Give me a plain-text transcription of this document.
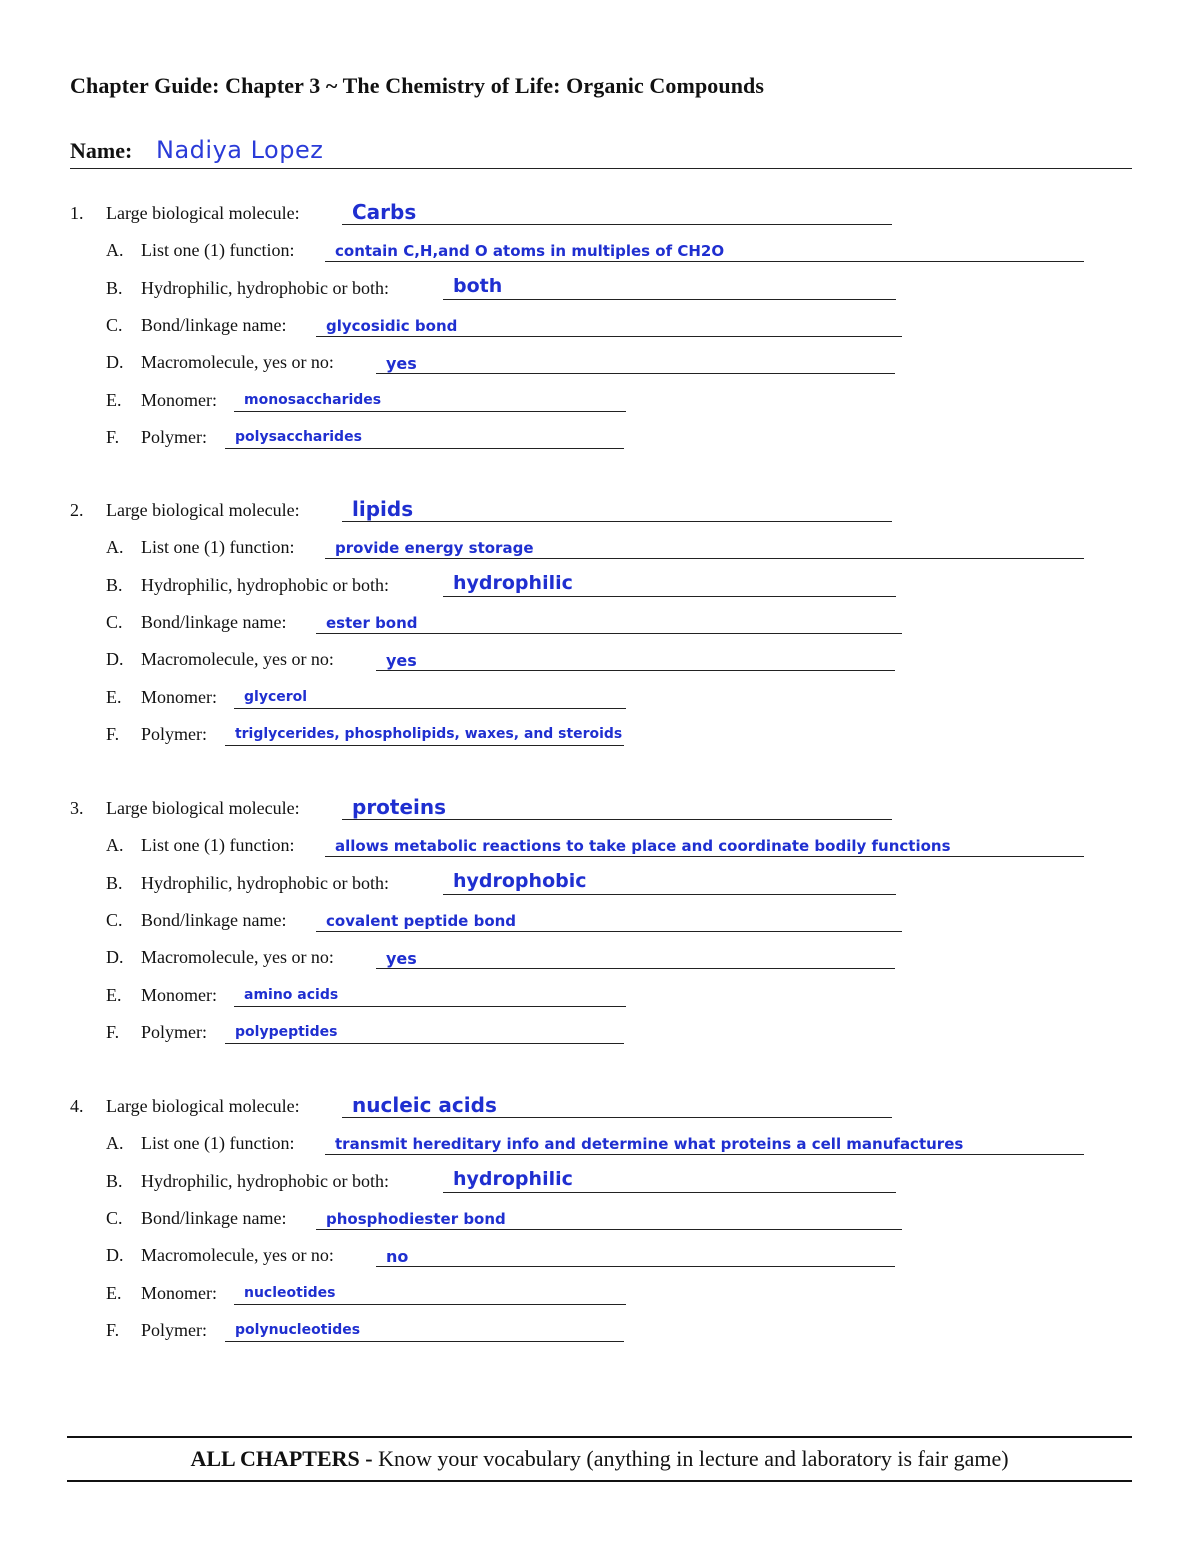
Chapter Guide: Chapter 3 ~ The Chemistry of Life: Organic Compounds
Name: Nadiya Lopez
1. Large biological molecule:	Carbs
A. List one (1) function:	contain C,H,and O atoms in multiples of CH2O
B. Hydrophilic, hydrophobic or both:	both
C. Bond/linkage name:	glycosidic bond
D. Macromolecule, yes or no:	yes
E. Monomer: monosaccharides
F. Polymer: polysaccharides
2. Large biological molecule:	lipids
A. List one (1) function:	provide energy storage
B. Hydrophilic, hydrophobic or both:	hydrophilic
C. Bond/linkage name:	ester bond
D. Macromolecule, yes or no:	yes
E. Monomer: glycerol
F. Polymer: triglycerides, phospholipids, waxes, and steroids
3. Large biological molecule:	proteins
A. List one (1) function:	allows metabolic reactions to take place and coordinate bodily functions
B. Hydrophilic, hydrophobic or both:	hydrophobic
C. Bond/linkage name:	covalent peptide bond
D. Macromolecule, yes or no:	yes
E. Monomer: amino acids
F. Polymer: polypeptides
4. Large biological molecule:	nucleic acids
A. List one (1) function:	transmit hereditary info and determine what proteins a cell manufactures
B. Hydrophilic, hydrophobic or both:	hydrophilic
C. Bond/linkage name:	phosphodiester bond
D. Macromolecule, yes or no:	no
E. Monomer: nucleotides
F. Polymer: polynucleotides
ALL CHAPTERS - Know your vocabulary (anything in lecture and laboratory is fair game)
